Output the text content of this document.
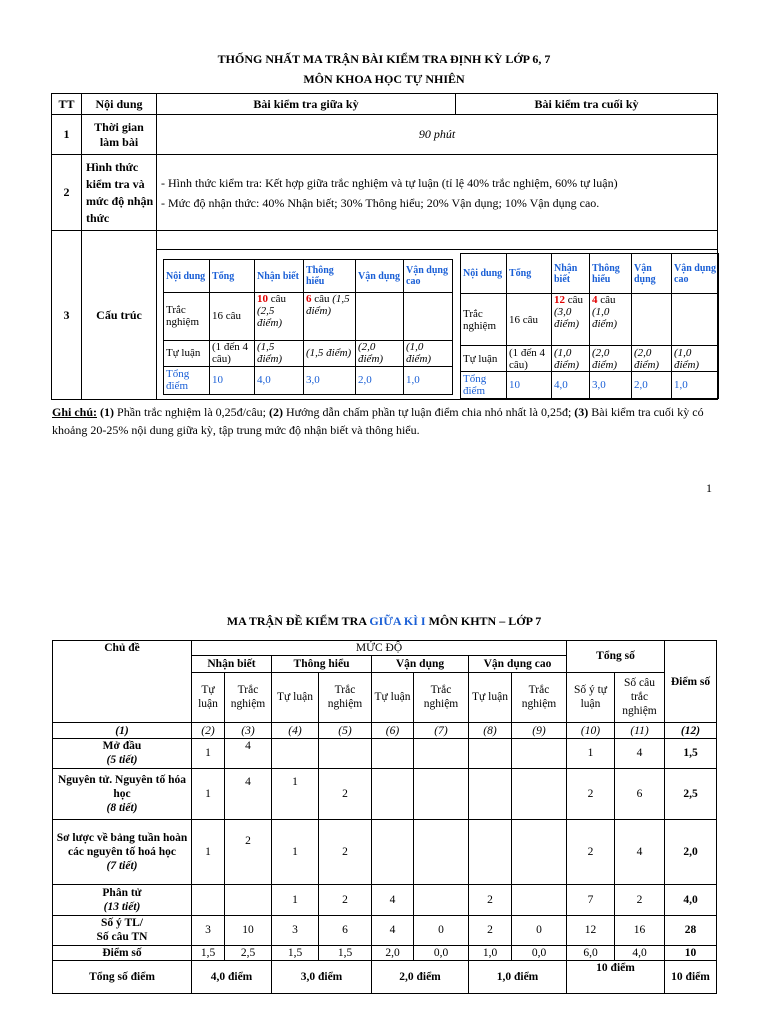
THỐNG NHẤT MA TRẬN BÀI KIỂM TRA ĐỊNH KỲ LỚP 6, 7
MÔN KHOA HỌC TỰ NHIÊN
TT	Nội dung	Bài kiểm tra giữa kỳ	Bài kiểm tra cuối kỳ
1	Thời gian làm bài	90 phút
2	Hình thức kiểm tra và mức độ nhận thức	
- Hình thức kiểm tra: Kết hợp giữa trắc nghiệm và tự luận (tỉ lệ 40% trắc nghiệm, 60% tự luận)
- Mức độ nhận thức: 40% Nhận biết; 30% Thông hiểu; 20% Vận dụng; 10% Vận dụng cao.

3	Cấu trúc	
Nội dung	Tổng	Nhận biết	Thông hiểu	Vận dụng	Vận dụng cao
Trắc nghiệm	16 câu	10 câu (2,5 điểm)	6 câu (1,5 điểm)		
Tự luận	(1 đến 4 câu)	(1,5 điểm)	(1,5 điểm)	(2,0 điểm)	(1,0 điểm)
Tổng điểm	10	4,0	3,0	2,0	1,0
Nội dung	Tổng	Nhận biết	Thông hiểu	Vận dụng	Vận dụng cao
Trắc nghiệm	16 câu	12 câu (3,0 điểm)	4 câu (1,0 điểm)		
Tự luận	(1 đến 4 câu)	(1,0 điểm)	(2,0 điểm)	(2,0 điểm)	(1,0 điểm)
Tổng điểm	10	4,0	3,0	2,0	1,0
Ghi chú: (1) Phần trắc nghiệm là 0,25đ/câu; (2) Hướng dẫn chấm phần tự luận điểm chia nhỏ nhất là 0,25đ; (3) Bài kiểm tra cuối kỳ có khoảng 20-25% nội dung giữa kỳ, tập trung mức độ nhận biết và thông hiểu.
1
MA TRẬN ĐỀ KIỂM TRA GIỮA KÌ I MÔN KHTN – LỚP 7
Chủ đề	MỨC ĐỘ								Tổng số		Điểm số
	Nhận biết		Thông hiểu		Vận dụng		Vận dụng cao				
	Tự luận	Trắc nghiệm	Tự luận	Trắc nghiệm	Tự luận	Trắc nghiệm	Tự luận	Trắc nghiệm	Số ý tự luận	Số câu trắc nghiệm	
(1)	(2)	(3)	(4)	(5)	(6)	(7)	(8)	(9)	(10)	(11)	(12)

Mở đầu
(5 tiết)	1	4							1	4	1,5

Nguyên tử. Nguyên tố hóa học
(8 tiết)	1	4	1	2					2	6	2,5

Sơ lược về bảng tuần hoàn các nguyên tố hoá học
(7 tiết)	1	2	1	2					2	4	2,0

Phân tử
(13 tiết)			1	2	4		2		7	2	4,0

Số ý TL/
Số câu TN	3	10	3	6	4	0	2	0	12	16	28
Điểm số	1,5	2,5	1,5	1,5	2,0	0,0	1,0	0,0	6,0	4,0	10
Tổng số điểm	4,0 điểm		3,0 điểm		2,0 điểm		1,0 điểm		10 điểm		10 điểm
